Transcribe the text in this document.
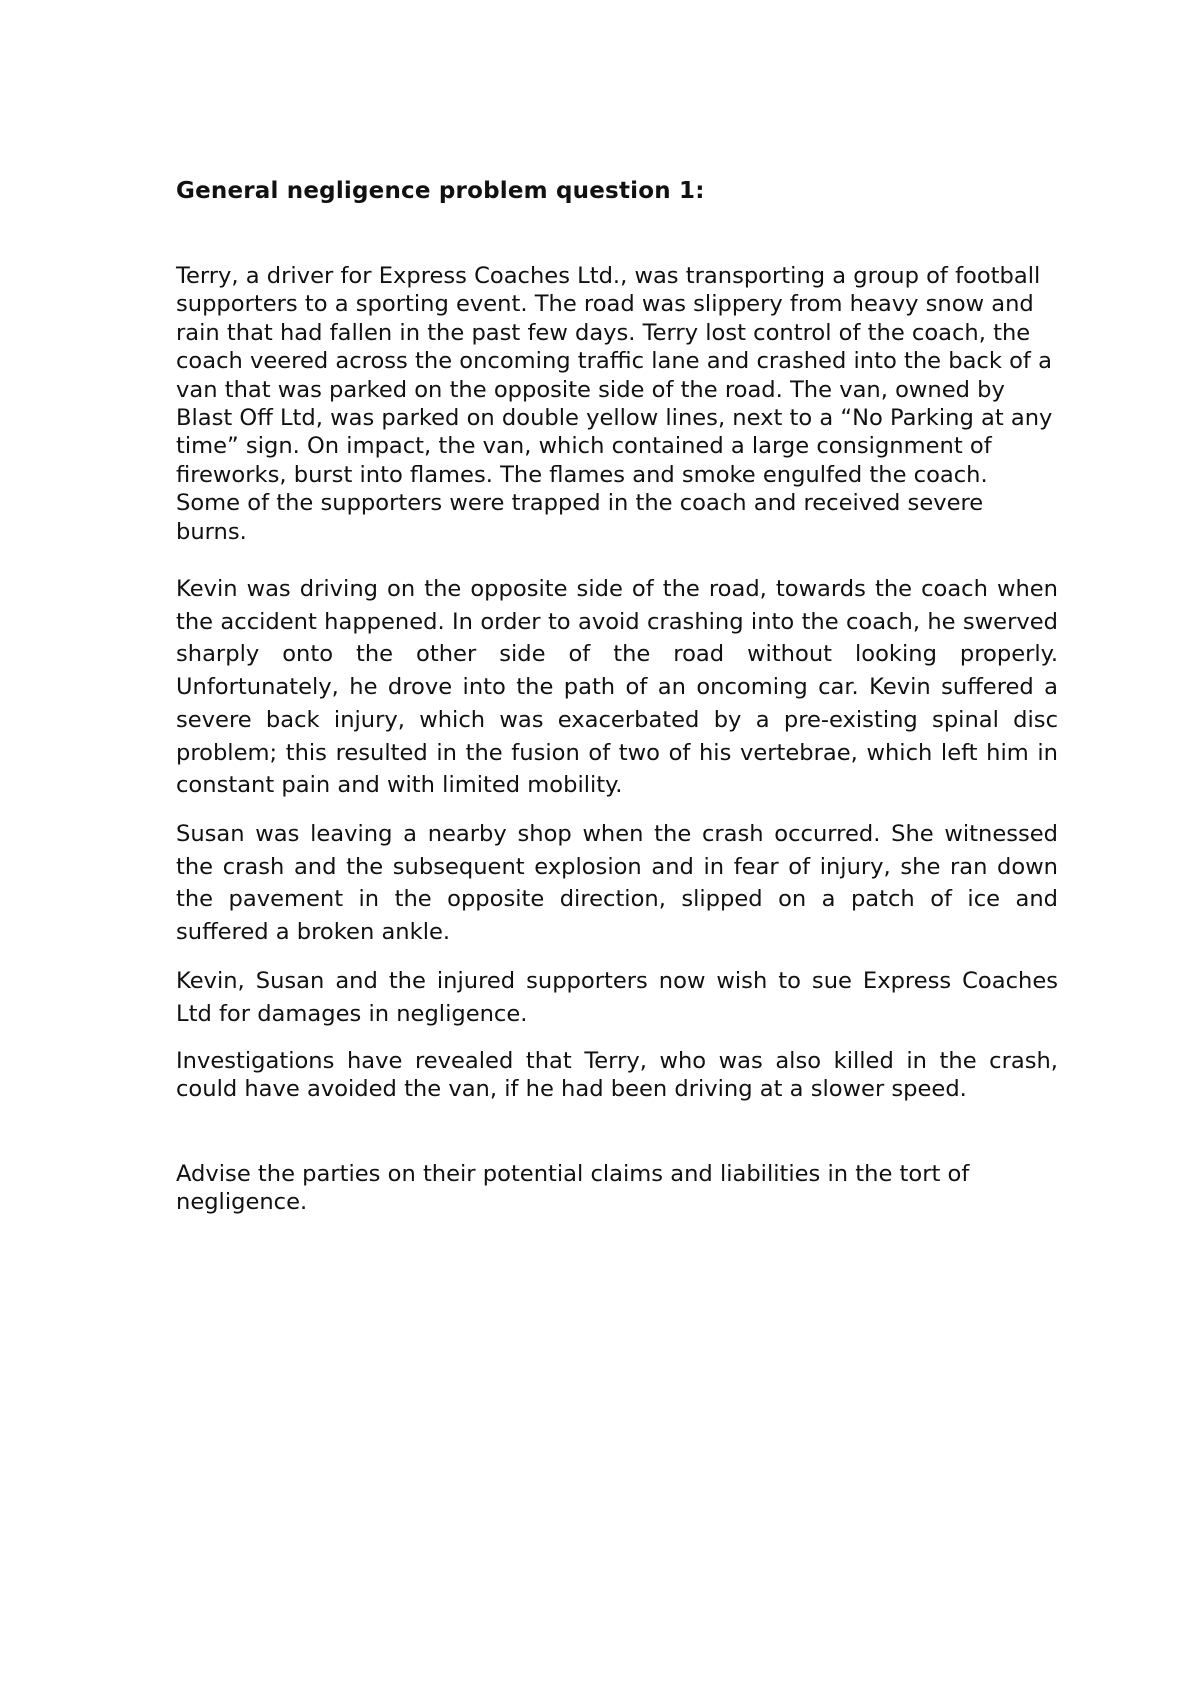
General negligence problem question 1:

Terry, a driver for Express Coaches Ltd., was transporting a group of football supporters to a sporting event. The road was slippery from heavy snow and rain that had fallen in the past few days. Terry lost control of the coach, the coach veered across the oncoming traffic lane and crashed into the back of a van that was parked on the opposite side of the road. The van, owned by Blast Off Ltd, was parked on double yellow lines, next to a “No Parking at any time” sign. On impact, the van, which contained a large consignment of fireworks, burst into flames. The flames and smoke engulfed the coach. Some of the supporters were trapped in the coach and received severe burns.

Kevin was driving on the opposite side of the road, towards the coach when the accident happened. In order to avoid crashing into the coach, he swerved sharply onto the other side of the road without looking properly. Unfortunately, he drove into the path of an oncoming car. Kevin suffered a severe back injury, which was exacerbated by a pre-existing spinal disc problem; this resulted in the fusion of two of his vertebrae, which left him in constant pain and with limited mobility.

Susan was leaving a nearby shop when the crash occurred. She witnessed the crash and the subsequent explosion and in fear of injury, she ran down the pavement in the opposite direction, slipped on a patch of ice and suffered a broken ankle.

Kevin, Susan and the injured supporters now wish to sue Express Coaches Ltd for damages in negligence.

Investigations have revealed that Terry, who was also killed in the crash, could have avoided the van, if he had been driving at a slower speed.

Advise the parties on their potential claims and liabilities in the tort of negligence.
